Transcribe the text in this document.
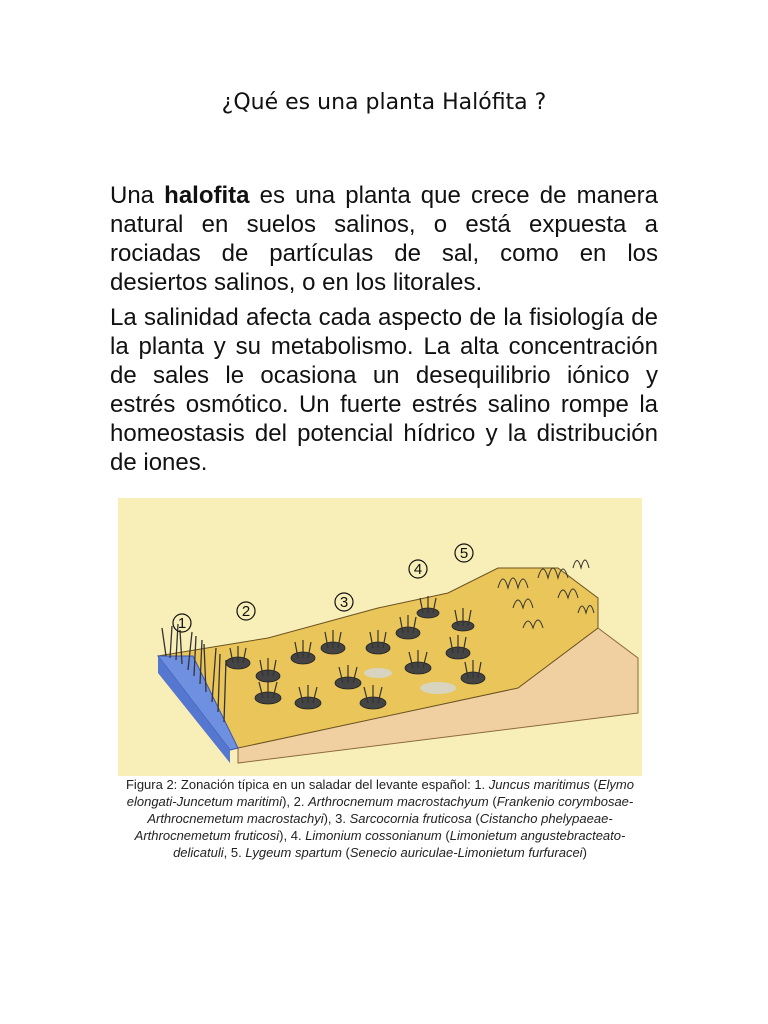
¿Qué es una planta Halófita ?

Una halofita es una planta que crece de manera natural en suelos salinos, o está expuesta a rociadas de partículas de sal, como en los desiertos salinos, o en los litorales.

La salinidad afecta cada aspecto de la fisiología de la planta y su metabolismo. La alta concentración de sales le ocasiona un desequilibrio iónico y estrés osmótico. Un fuerte estrés salino rompe la homeostasis del potencial hídrico y la distribución de iones.

1
2
3
4
5

Figura 2: Zonación típica en un saladar del levante español: 1. Juncus maritimus (Elymo elongati-Juncetum maritimi), 2. Arthrocnemum macrostachyum (Frankenio corymbosae-Arthrocnemetum macrostachyi), 3. Sarcocornia fruticosa (Cistancho phelypaeae-Arthrocnemetum fruticosi), 4. Limonium cossonianum (Limonietum angustebracteato-delicatuli, 5. Lygeum spartum (Senecio auriculae-Limonietum furfuracei)
